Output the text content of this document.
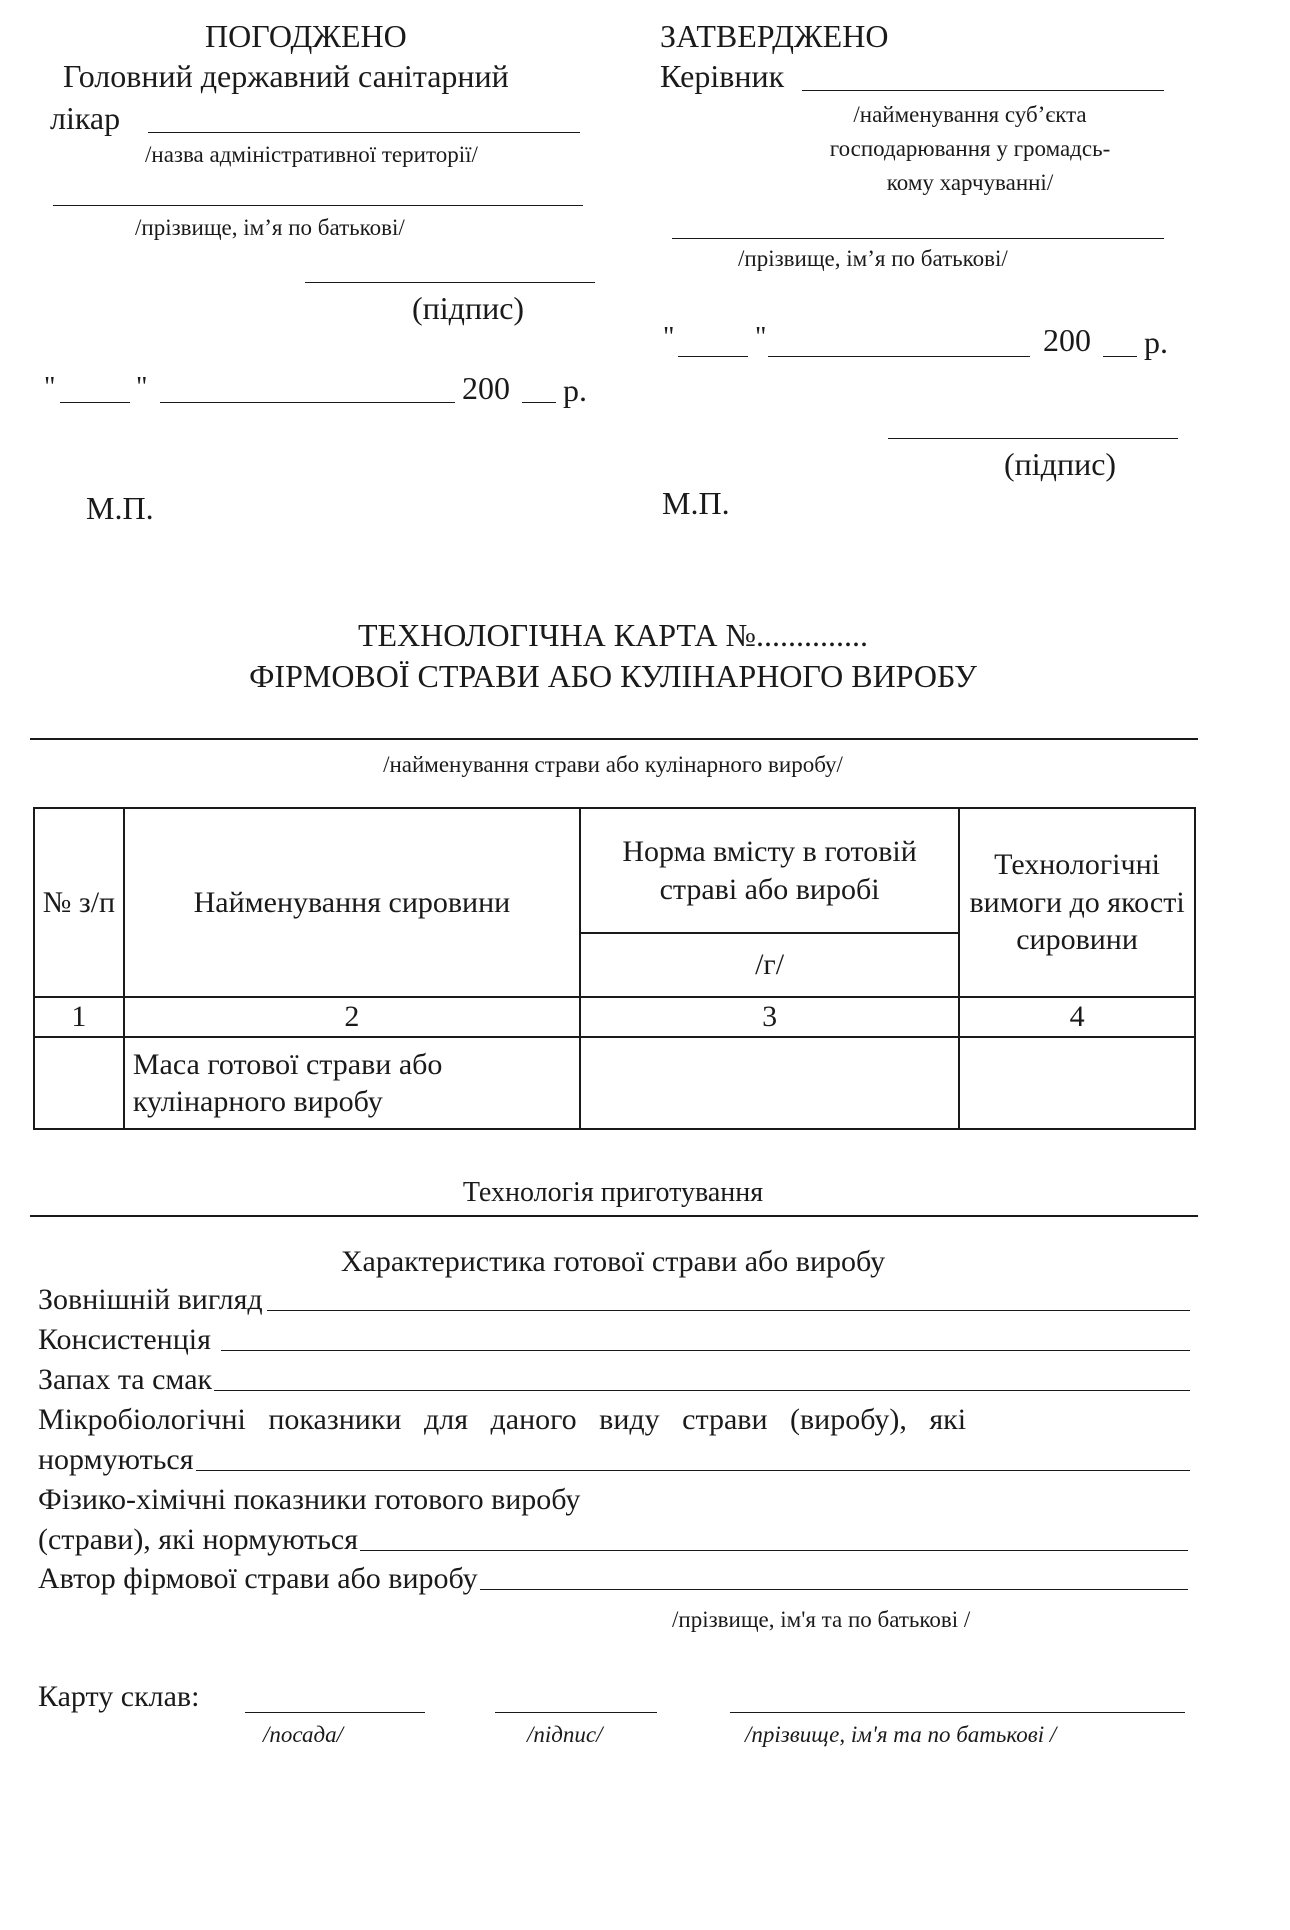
ПОГОДЖЕНО
Головний державний санітарний
лікар
/назва адміністративної території/
/прізвище, ім’я по батькові/
(підпис)
"	"	200 р.
М.П.
ЗАТВЕРДЖЕНО
Керівник
/найменування суб’єкта
господарювання у громадсь-
кому харчуванні/
/прізвище, ім’я по батькові/
"	"	200 р.
(підпис)
М.П.
ТЕХНОЛОГІЧНА КАРТА №..............
ФІРМОВОЇ СТРАВИ АБО КУЛІНАРНОГО ВИРОБУ
/найменування страви або кулінарного виробу/
№ з/п	Найменування сировини	Норма вмісту в готовій страві або виробі	Технологічні вимоги до якості сировини
		/г/	
1	2	3	4
	Маса готової страви або кулінарного виробу		
Технологія приготування
Характеристика готової страви або виробу
Зовнішній вигляд
Консистенція
Запах та смак
Мікробіологічні   показники   для   даного   виду   страви   (виробу),   які
нормуються
Фізико-хімічні показники готового виробу
(страви), які нормуються
Автор фірмової страви або виробу
/прізвище, ім'я та по батькові /
Карту склав:
/посада/	/підпис/	/прізвище, ім'я та по батькові /
